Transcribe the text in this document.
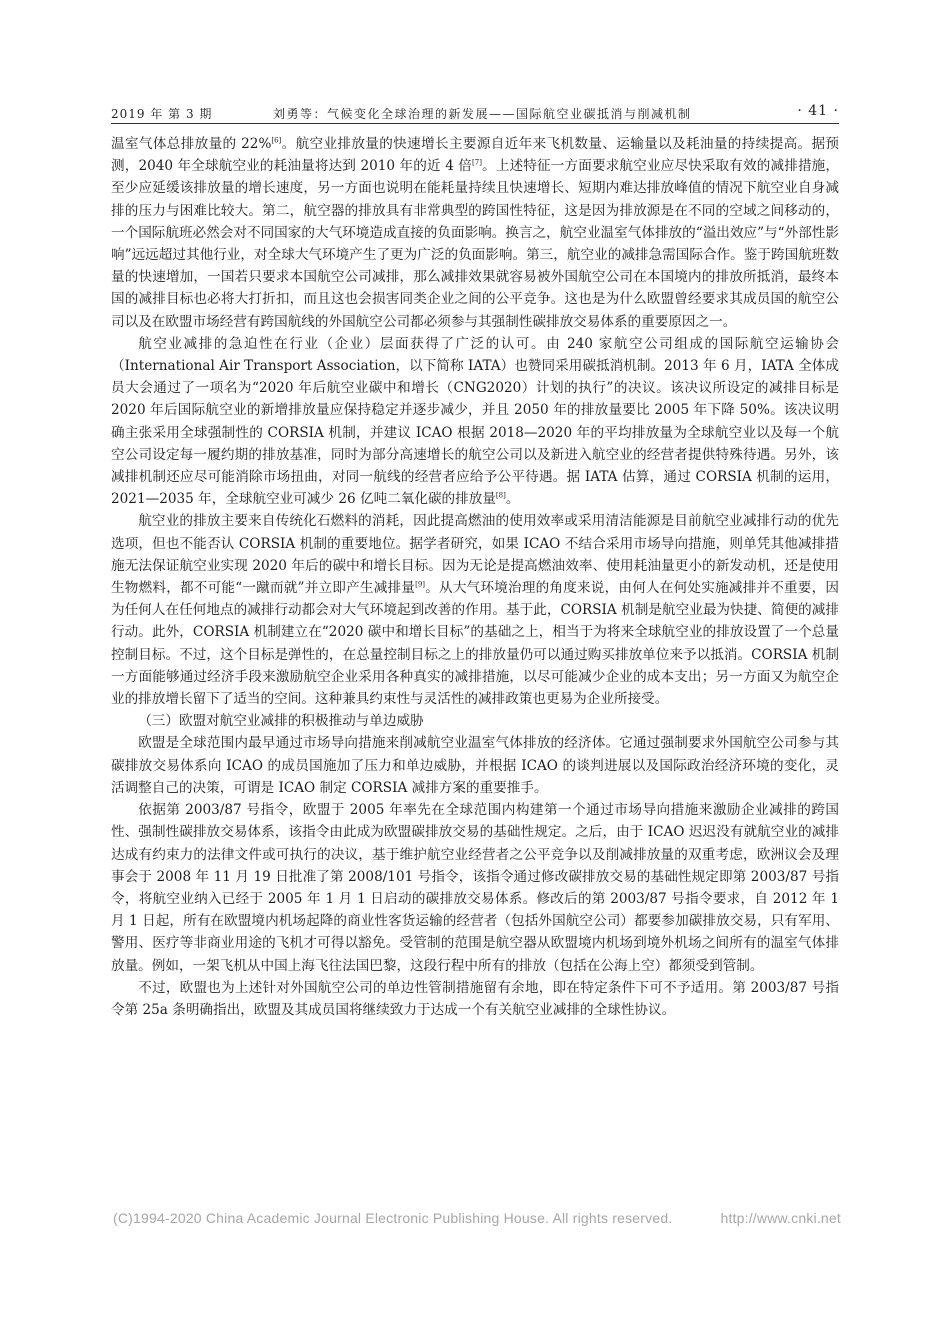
2019 年 第 3 期	刘勇等：气候变化全球治理的新发展——国际航空业碳抵消与削减机制	· 41 ·

温室气体总排放量的 22%[6]。航空业排放量的快速增长主要源自近年来飞机数量、运输量以及耗油量的持续提高。据预测，2040 年全球航空业的耗油量将达到 2010 年的近 4 倍[7]。上述特征一方面要求航空业应尽快采取有效的减排措施，至少应延缓该排放量的增长速度，另一方面也说明在能耗量持续且快速增长、短期内难达排放峰值的情况下航空业自身减排的压力与困难比较大。第二，航空器的排放具有非常典型的跨国性特征，这是因为排放源是在不同的空域之间移动的，一个国际航班必然会对不同国家的大气环境造成直接的负面影响。换言之，航空业温室气体排放的“溢出效应”与“外部性影响”远远超过其他行业，对全球大气环境产生了更为广泛的负面影响。第三，航空业的减排急需国际合作。鉴于跨国航班数量的快速增加，一国若只要求本国航空公司减排，那么减排效果就容易被外国航空公司在本国境内的排放所抵消，最终本国的减排目标也必将大打折扣，而且这也会损害同类企业之间的公平竞争。这也是为什么欧盟曾经要求其成员国的航空公司以及在欧盟市场经营有跨国航线的外国航空公司都必须参与其强制性碳排放交易体系的重要原因之一。

航空业减排的急迫性在行业（企业）层面获得了广泛的认可。由 240 家航空公司组成的国际航空运输协会（International Air Transport Association，以下简称 IATA）也赞同采用碳抵消机制。2013 年 6 月，IATA 全体成员大会通过了一项名为“2020 年后航空业碳中和增长（CNG2020）计划的执行”的决议。该决议所设定的减排目标是 2020 年后国际航空业的新增排放量应保持稳定并逐步减少，并且 2050 年的排放量要比 2005 年下降 50%。该决议明确主张采用全球强制性的 CORSIA 机制，并建议 ICAO 根据 2018—2020 年的平均排放量为全球航空业以及每一个航空公司设定每一履约期的排放基准，同时为部分高速增长的航空公司以及新进入航空业的经营者提供特殊待遇。另外，该减排机制还应尽可能消除市场扭曲，对同一航线的经营者应给予公平待遇。据 IATA 估算，通过 CORSIA 机制的运用，2021—2035 年，全球航空业可减少 26 亿吨二氧化碳的排放量[8]。

航空业的排放主要来自传统化石燃料的消耗，因此提高燃油的使用效率或采用清洁能源是目前航空业减排行动的优先选项，但也不能否认 CORSIA 机制的重要地位。据学者研究，如果 ICAO 不结合采用市场导向措施，则单凭其他减排措施无法保证航空业实现 2020 年后的碳中和增长目标。因为无论是提高燃油效率、使用耗油量更小的新发动机，还是使用生物燃料，都不可能“一蹴而就”并立即产生减排量[9]。从大气环境治理的角度来说，由何人在何处实施减排并不重要，因为任何人在任何地点的减排行动都会对大气环境起到改善的作用。基于此，CORSIA 机制是航空业最为快捷、简便的减排行动。此外，CORSIA 机制建立在“2020 碳中和增长目标”的基础之上，相当于为将来全球航空业的排放设置了一个总量控制目标。不过，这个目标是弹性的，在总量控制目标之上的排放量仍可以通过购买排放单位来予以抵消。CORSIA 机制一方面能够通过经济手段来激励航空企业采用各种真实的减排措施，以尽可能减少企业的成本支出；另一方面又为航空企业的排放增长留下了适当的空间。这种兼具约束性与灵活性的减排政策也更易为企业所接受。

（三）欧盟对航空业减排的积极推动与单边威胁

欧盟是全球范围内最早通过市场导向措施来削减航空业温室气体排放的经济体。它通过强制要求外国航空公司参与其碳排放交易体系向 ICAO 的成员国施加了压力和单边威胁，并根据 ICAO 的谈判进展以及国际政治经济环境的变化，灵活调整自己的决策，可谓是 ICAO 制定 CORSIA 减排方案的重要推手。

依据第 2003/87 号指令，欧盟于 2005 年率先在全球范围内构建第一个通过市场导向措施来激励企业减排的跨国性、强制性碳排放交易体系，该指令由此成为欧盟碳排放交易的基础性规定。之后，由于 ICAO 迟迟没有就航空业的减排达成有约束力的法律文件或可执行的决议，基于维护航空业经营者之公平竞争以及削减排放量的双重考虑，欧洲议会及理事会于 2008 年 11 月 19 日批准了第 2008/101 号指令，该指令通过修改碳排放交易的基础性规定即第 2003/87 号指令，将航空业纳入已经于 2005 年 1 月 1 日启动的碳排放交易体系。修改后的第 2003/87 号指令要求，自 2012 年 1 月 1 日起，所有在欧盟境内机场起降的商业性客货运输的经营者（包括外国航空公司）都要参加碳排放交易，只有军用、警用、医疗等非商业用途的飞机才可得以豁免。受管制的范围是航空器从欧盟境内机场到境外机场之间所有的温室气体排放量。例如，一架飞机从中国上海飞往法国巴黎，这段行程中所有的排放（包括在公海上空）都须受到管制。

不过，欧盟也为上述针对外国航空公司的单边性管制措施留有余地，即在特定条件下可不予适用。第 2003/87 号指令第 25a 条明确指出，欧盟及其成员国将继续致力于达成一个有关航空业减排的全球性协议。

(C)1994-2020 China Academic Journal Electronic Publishing House. All rights reserved.	http://www.cnki.net
